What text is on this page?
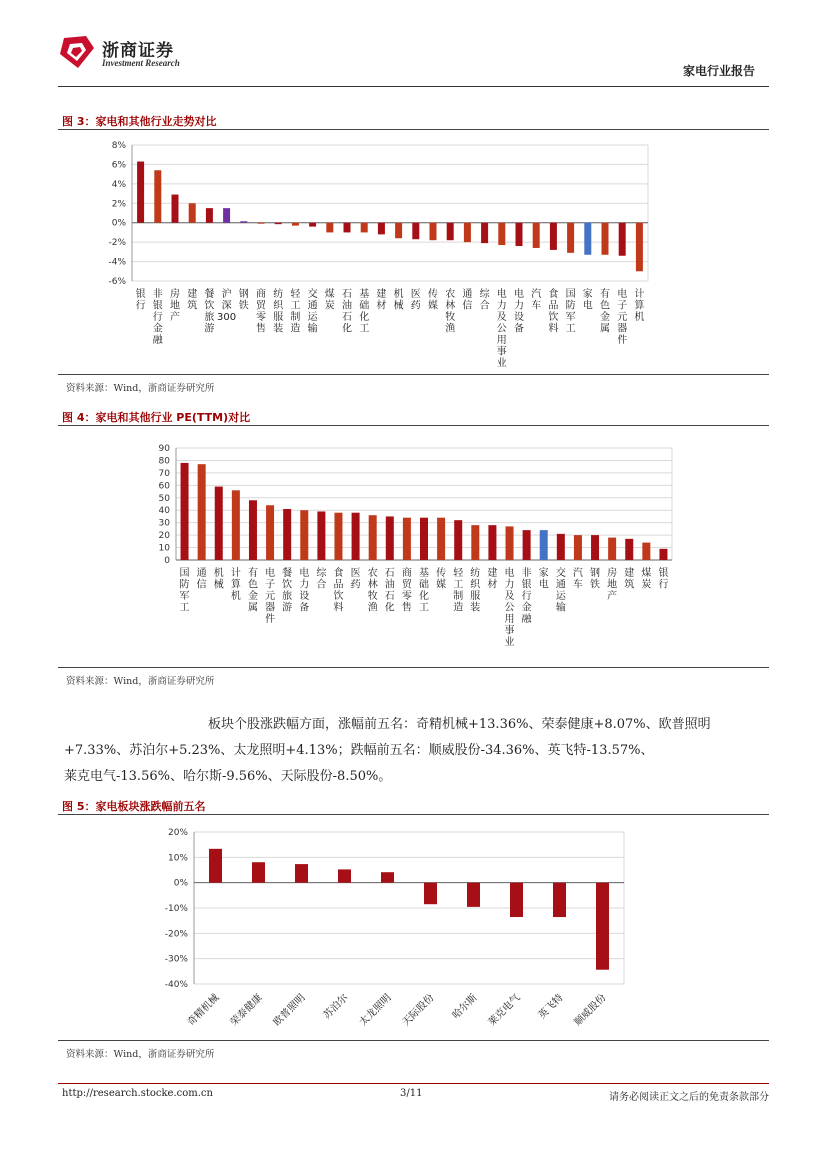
浙商证券
Investment Research
家电行业报告
图 3：家电和其他行业走势对比
8%
6%
4%
2%
0%
-2%
-4%
-6%
银行
非银行金融
房地产
建筑
餐饮旅游
沪深 300
钢铁
商贸零售
纺织服装
轻工制造
交通运输
煤炭
石油石化
基础化工
建材
机械
医药
传媒
农林牧渔
通信
综合
电力及公用事业
电力设备
汽车
食品饮料
国防军工
家电
有色金属
电子元器件
计算机
资料来源：Wind，浙商证券研究所
图 4：家电和其他行业 PE(TTM)对比
90
80
70
60
50
40
30
20
10
0
国防军工
通信
机械
计算机
有色金属
电子元器件
餐饮旅游
电力设备
综合
食品饮料
医药
农林牧渔
石油石化
商贸零售
基础化工
传媒
轻工制造
纺织服装
建材
电力及公用事业
非银行金融
家电
交通运输
汽车
钢铁
房地产
建筑
煤炭
银行
资料来源：Wind，浙商证券研究所
板块个股涨跌幅方面，涨幅前五名：奇精机械+13.36%、荣泰健康+8.07%、欧普照明
+7.33%、苏泊尔+5.23%、太龙照明+4.13%；跌幅前五名：顺威股份-34.36%、英飞特-13.57%、
莱克电气-13.56%、哈尔斯-9.56%、天际股份-8.50%。
图 5：家电板块涨跌幅前五名
20%
10%
0%
-10%
-20%
-30%
-40%
奇精机械 荣泰健康 欧普照明 苏泊尔 太龙照明 天际股份 哈尔斯 莱克电气 英飞特 顺威股份
资料来源：Wind，浙商证券研究所
http://research.stocke.com.cn	3/11	请务必阅读正文之后的免责条款部分
